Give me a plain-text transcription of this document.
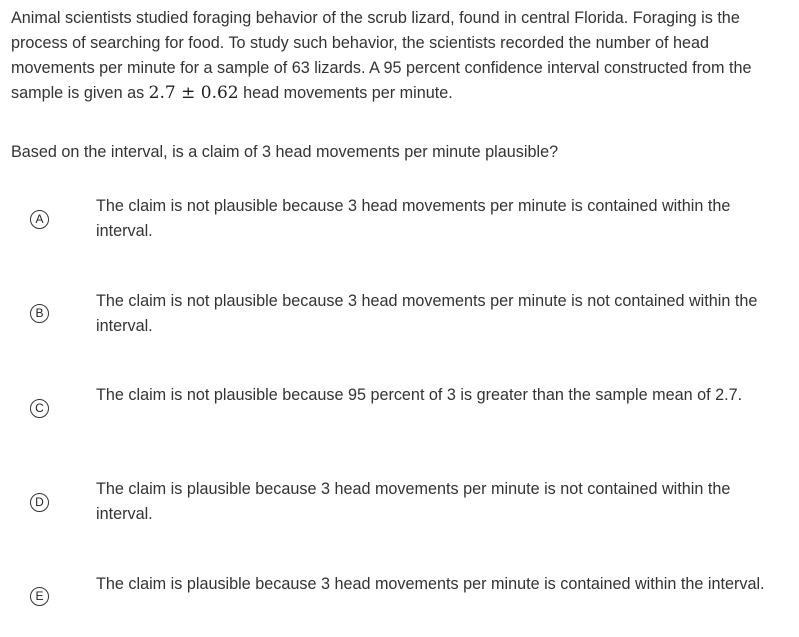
Animal scientists studied foraging behavior of the scrub lizard, found in central Florida. Foraging is the process of searching for food. To study such behavior, the scientists recorded the number of head movements per minute for a sample of 63 lizards. A 95 percent confidence interval constructed from the sample is given as 2.7 ± 0.62 head movements per minute.

Based on the interval, is a claim of 3 head movements per minute plausible?

A

The claim is not plausible because 3 head movements per minute is contained within the interval.

B

The claim is not plausible because 3 head movements per minute is not contained within the interval.

C

The claim is not plausible because 95 percent of 3 is greater than the sample mean of 2.7.

D

The claim is plausible because 3 head movements per minute is not contained within the interval.

E

The claim is plausible because 3 head movements per minute is contained within the interval.
